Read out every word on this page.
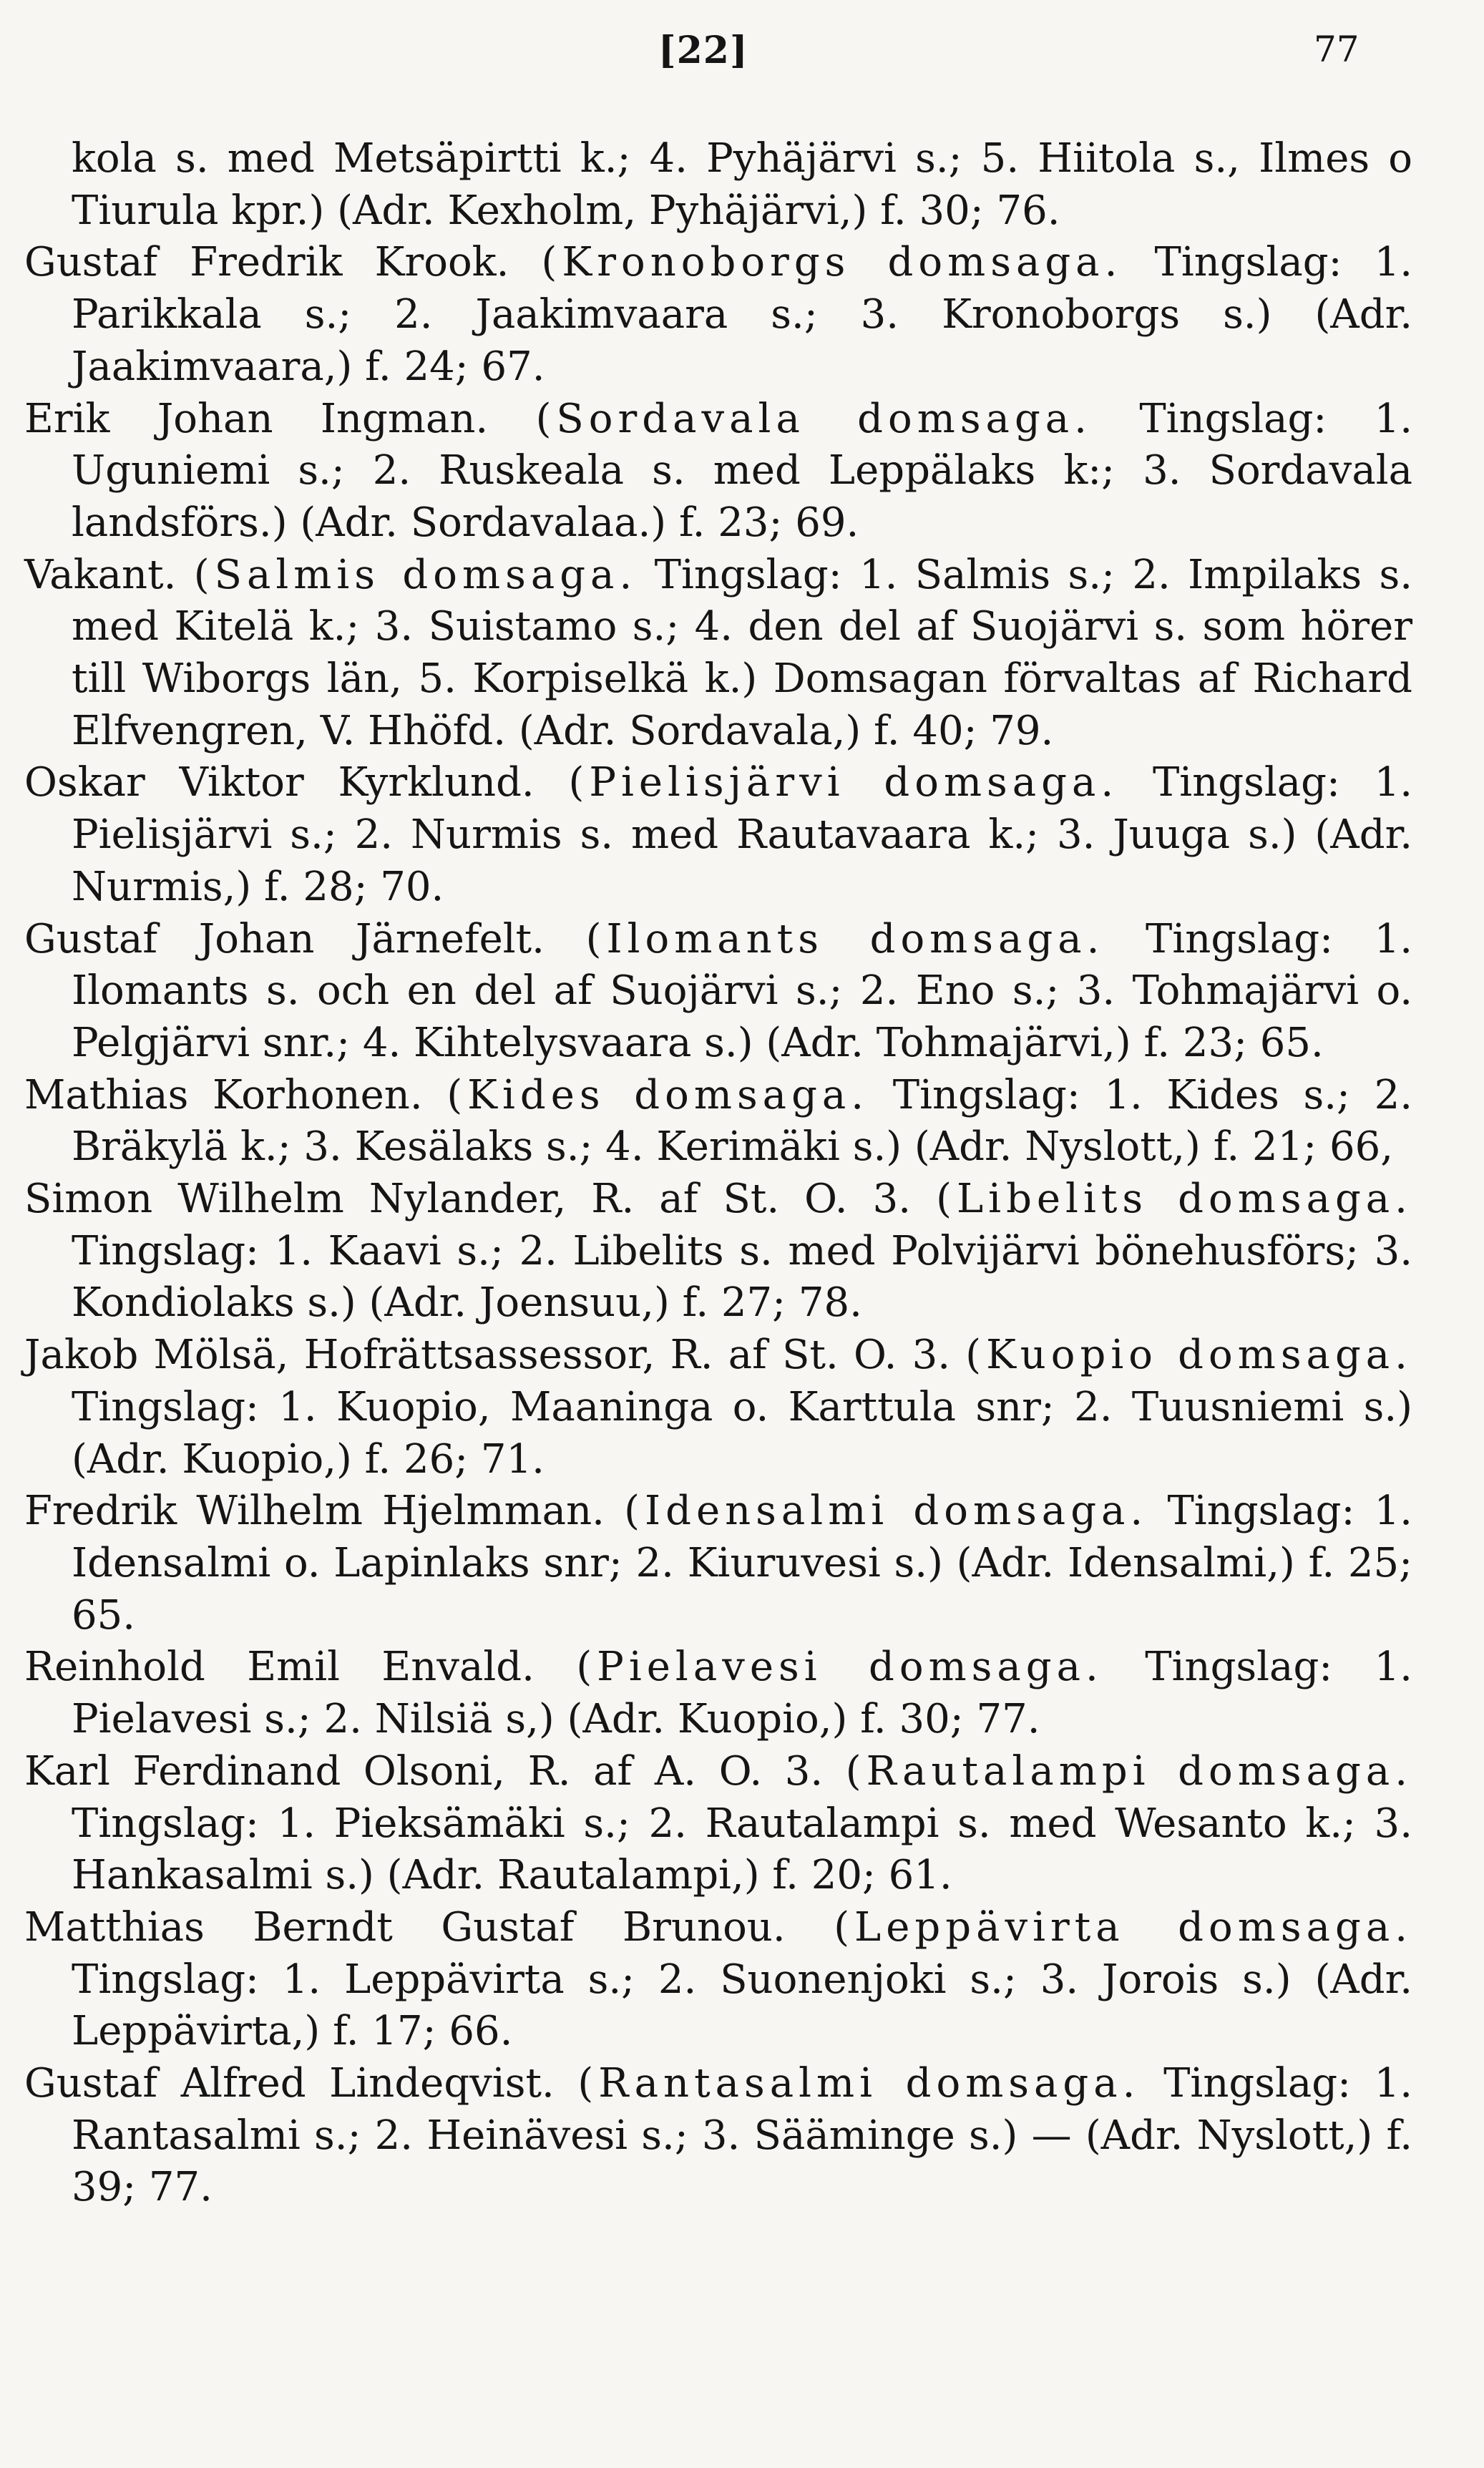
[22]	77

kola s. med Metsäpirtti k.; 4. Pyhäjärvi s.; 5. Hiitola s., Ilmes o Tiurula kpr.) (Adr. Kexholm, Pyhäjärvi,) f. 30; 76.

Gustaf Fredrik Krook. (Kronoborgs domsaga. Tingslag: 1. Parikkala s.; 2. Jaakimvaara s.; 3. Kronoborgs s.) (Adr. Jaakimvaara,) f. 24; 67.

Erik Johan Ingman. (Sordavala domsaga. Tingslag: 1. Uguniemi s.; 2. Ruskeala s. med Leppälaks k:; 3. Sordavala landsförs.) (Adr. Sordavalaa.) f. 23; 69.

Vakant. (Salmis domsaga. Tingslag: 1. Salmis s.; 2. Impilaks s. med Kitelä k.; 3. Suistamo s.; 4. den del af Suojärvi s. som hörer till Wiborgs län, 5. Korpiselkä k.) Domsagan förvaltas af Richard Elfvengren, V. Hhöfd. (Adr. Sordavala,) f. 40; 79.

Oskar Viktor Kyrklund. (Pielisjärvi domsaga. Tingslag: 1. Pielisjärvi s.; 2. Nurmis s. med Rautavaara k.; 3. Juuga s.) (Adr. Nurmis,) f. 28; 70.

Gustaf Johan Järnefelt. (Ilomants domsaga. Tingslag: 1. Ilomants s. och en del af Suojärvi s.; 2. Eno s.; 3. Tohmajärvi o. Pelgjärvi snr.; 4. Kihtelysvaara s.) (Adr. Tohmajärvi,) f. 23; 65.

Mathias Korhonen. (Kides domsaga. Tingslag: 1. Kides s.; 2. Bräkylä k.; 3. Kesälaks s.; 4. Kerimäki s.) (Adr. Nyslott,) f. 21; 66,

Simon Wilhelm Nylander, R. af St. O. 3. (Libelits domsaga. Tingslag: 1. Kaavi s.; 2. Libelits s. med Polvijärvi bönehusförs; 3. Kondiolaks s.) (Adr. Joensuu,) f. 27; 78.

Jakob Mölsä, Hofrättsassessor, R. af St. O. 3. (Kuopio domsaga. Tingslag: 1. Kuopio, Maaninga o. Karttula snr; 2. Tuusniemi s.) (Adr. Kuopio,) f. 26; 71.

Fredrik Wilhelm Hjelmman. (Idensalmi domsaga. Tingslag: 1. Idensalmi o. Lapinlaks snr; 2. Kiuruvesi s.) (Adr. Idensalmi,) f. 25; 65.

Reinhold Emil Envald. (Pielavesi domsaga. Tingslag: 1. Pielavesi s.; 2. Nilsiä s,) (Adr. Kuopio,) f. 30; 77.

Karl Ferdinand Olsoni, R. af A. O. 3. (Rautalampi domsaga. Tingslag: 1. Pieksämäki s.; 2. Rautalampi s. med Wesanto k.; 3. Hankasalmi s.) (Adr. Rautalampi,) f. 20; 61.

Matthias Berndt Gustaf Brunou. (Leppävirta domsaga. Tingslag: 1. Leppävirta s.; 2. Suonenjoki s.; 3. Jorois s.) (Adr. Leppävirta,) f. 17; 66.

Gustaf Alfred Lindeqvist. (Rantasalmi domsaga. Tingslag: 1. Rantasalmi s.; 2. Heinävesi s.; 3. Sääminge s.) — (Adr. Nyslott,) f. 39; 77.
